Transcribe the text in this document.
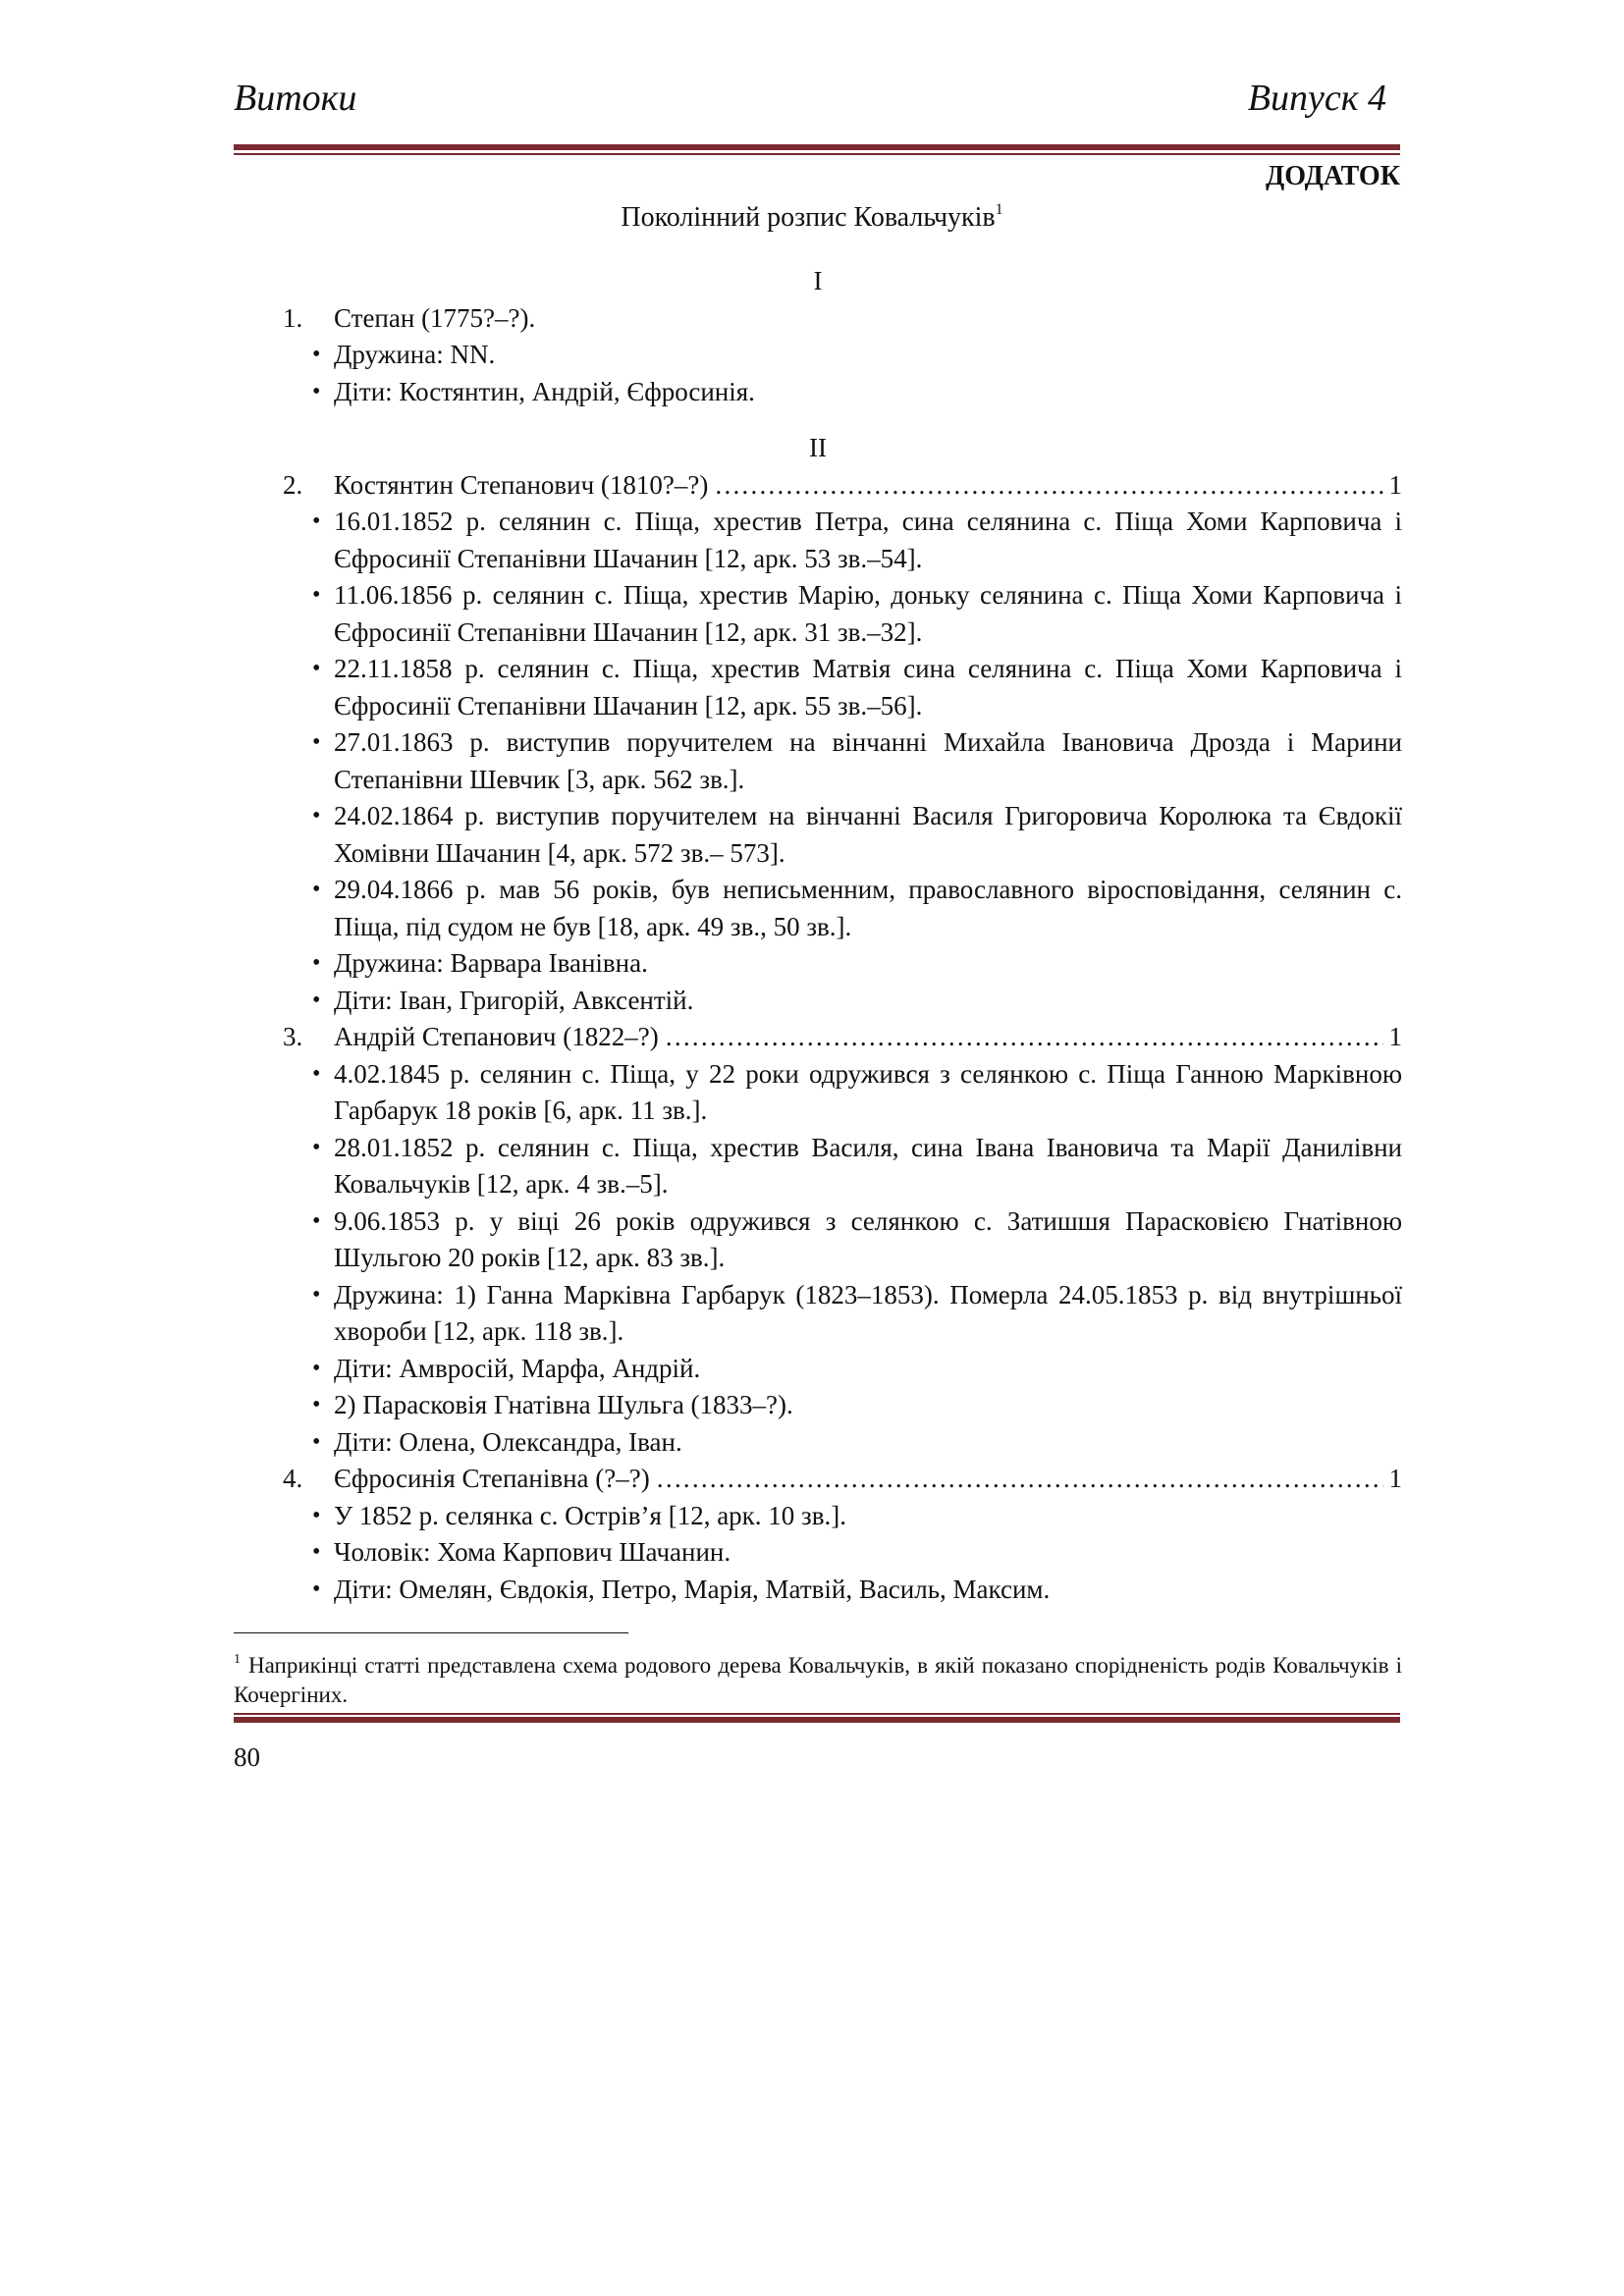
Витоки	Випуск 4
ДОДАТОК
Поколінний розпис Ковальчуків$^1$

I

1.	Степан (1775?–?).
• Дружина: NN.
• Діти: Костянтин, Андрій, Єфросинія.

II

2.	Костянтин Степанович (1810?–?) ……………………………………………………………………………………………………………………………………………………	1
• 16.01.1852 р. селянин с. Піща, хрестив Петра, сина селянина с. Піща Хоми Карповича і Єфросинії Степанівни Шачанин [12, арк. 53 зв.–54].
• 11.06.1856 р. селянин с. Піща, хрестив Марію, доньку селянина с. Піща Хоми Карповича і Єфросинії Степанівни Шачанин [12, арк. 31 зв.–32].
• 22.11.1858 р. селянин с. Піща, хрестив Матвія сина селянина с. Піща Хоми Карповича і Єфросинії Степанівни Шачанин [12, арк. 55 зв.–56].
• 27.01.1863 р. виступив поручителем на вінчанні Михайла Івановича Дрозда і Марини Степанівни Шевчик [3, арк. 562 зв.].
• 24.02.1864 р. виступив поручителем на вінчанні Василя Григоровича Королюка та Євдокії Хомівни Шачанин [4, арк. 572 зв.– 573].
• 29.04.1866 р. мав 56 років, був неписьменним, православного віросповідання, селянин с. Піща, під судом не був [18, арк. 49 зв., 50 зв.].
• Дружина: Варвара Іванівна.
• Діти: Іван, Григорій, Авксентій.
3.	Андрій Степанович (1822–?) ……………………………………………………………………………………………………………………………………………………	1
• 4.02.1845 р. селянин с. Піща, у 22 роки одружився з селянкою с. Піща Ганною Марківною Гарбарук 18 років [6, арк. 11 зв.].
• 28.01.1852 р. селянин с. Піща, хрестив Василя, сина Івана Івановича та Марії Данилівни Ковальчуків [12, арк. 4 зв.–5].
• 9.06.1853 р. у віці 26 років одружився з селянкою с. Затишшя Парасковією Гнатівною Шульгою 20 років [12, арк. 83 зв.].
• Дружина: 1) Ганна Марківна Гарбарук (1823–1853). Померла 24.05.1853 р. від внутрішньої хвороби [12, арк. 118 зв.].
• Діти: Амвросій, Марфа, Андрій.
• 2) Парасковія Гнатівна Шульга (1833–?).
• Діти: Олена, Олександра, Іван.
4.	Єфросинія Степанівна (?–?) ……………………………………………………………………………………………………………………………………………………	1
• У 1852 р. селянка с. Острів’я [12, арк. 10 зв.].
• Чоловік: Хома Карпович Шачанин.
• Діти: Омелян, Євдокія, Петро, Марія, Матвій, Василь, Максим.
$^1$ Наприкінці статті представлена схема родового дерева Ковальчуків, в якій показано спорідненість родів Ковальчуків і Кочергіних.
80
